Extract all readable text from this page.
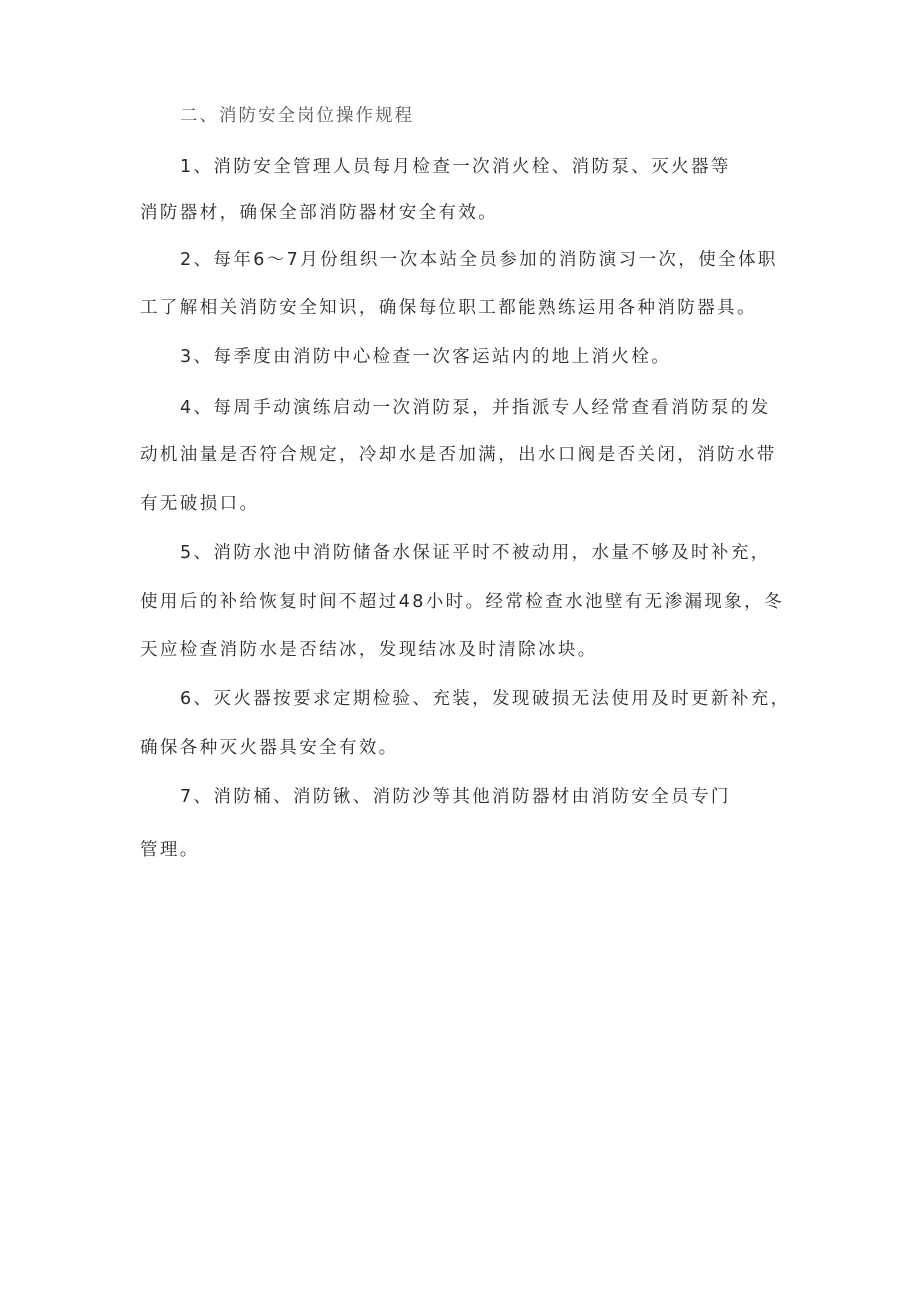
二、消防安全岗位操作规程
1、消防安全管理人员每月检查一次消火栓、消防泵、灭火器等
消防器材，确保全部消防器材安全有效。
2、每年6～7月份组织一次本站全员参加的消防演习一次，使全体职
工了解相关消防安全知识，确保每位职工都能熟练运用各种消防器具。
3、每季度由消防中心检查一次客运站内的地上消火栓。
4、每周手动演练启动一次消防泵，并指派专人经常查看消防泵的发
动机油量是否符合规定，冷却水是否加满，出水口阀是否关闭，消防水带
有无破损口。
5、消防水池中消防储备水保证平时不被动用，水量不够及时补充，
使用后的补给恢复时间不超过48小时。经常检查水池壁有无渗漏现象，冬
天应检查消防水是否结冰，发现结冰及时清除冰块。
6、灭火器按要求定期检验、充装，发现破损无法使用及时更新补充，
确保各种灭火器具安全有效。
7、消防桶、消防锹、消防沙等其他消防器材由消防安全员专门
管理。
